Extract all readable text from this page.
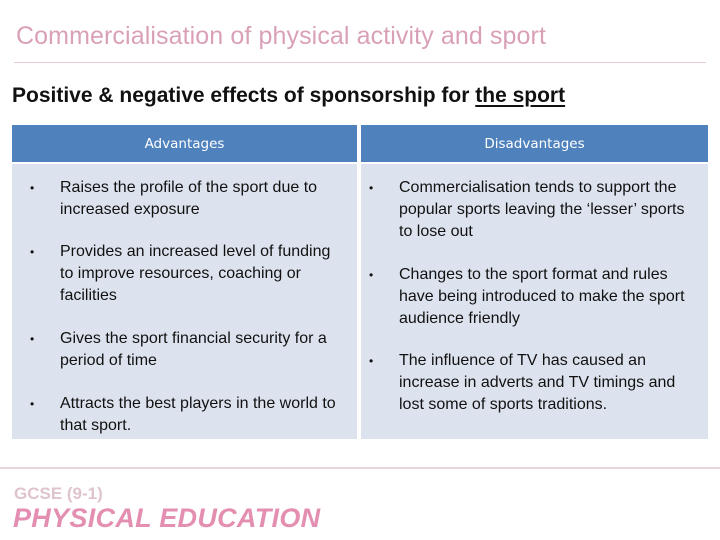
Commercialisation of physical activity and sport
Positive & negative effects of sponsorship for the sport
Advantages	Disadvantages
• Raises the profile of the sport due to increased exposure
• Provides an increased level of funding to improve resources, coaching or facilities
• Gives the sport financial security for a period of time
• Attracts the best players in the world to that sport.
• Commercialisation tends to support the popular sports leaving the ‘lesser’ sports to lose out
• Changes to the sport format and rules have being introduced to make the sport audience friendly
• The influence of TV has caused an increase in adverts and TV timings and lost some of sports traditions.
GCSE (9-1)
PHYSICAL EDUCATION
